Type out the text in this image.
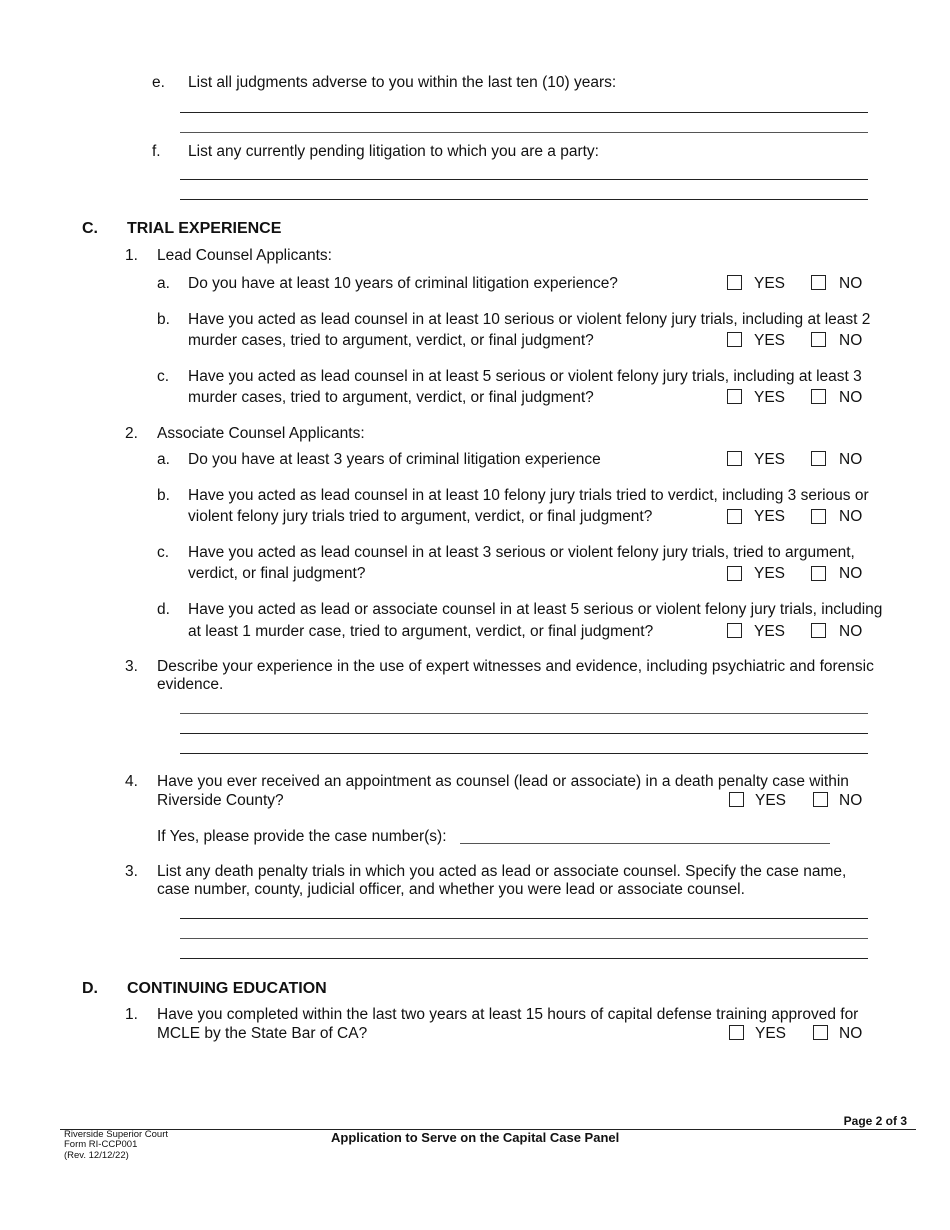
e. List all judgments adverse to you within the last ten (10) years:
f. List any currently pending litigation to which you are a party:
C. TRIAL EXPERIENCE
1. Lead Counsel Applicants:
a. Do you have at least 10 years of criminal litigation experience?	YES	NO
b. Have you acted as lead counsel in at least 10 serious or violent felony jury trials, including at least 2
murder cases, tried to argument, verdict, or final judgment?	YES	NO
c. Have you acted as lead counsel in at least 5 serious or violent felony jury trials, including at least 3
murder cases, tried to argument, verdict, or final judgment?	YES	NO
2. Associate Counsel Applicants:
a. Do you have at least 3 years of criminal litigation experience	YES	NO
b. Have you acted as lead counsel in at least 10 felony jury trials tried to verdict, including 3 serious or
violent felony jury trials tried to argument, verdict, or final judgment?	YES	NO
c. Have you acted as lead counsel in at least 3 serious or violent felony jury trials, tried to argument,
verdict, or final judgment?	YES	NO
d. Have you acted as lead or associate counsel in at least 5 serious or violent felony jury trials, including
at least 1 murder case, tried to argument, verdict, or final judgment?	YES	NO
3. Describe your experience in the use of expert witnesses and evidence, including psychiatric and forensic
evidence.
4. Have you ever received an appointment as counsel (lead or associate) in a death penalty case within
Riverside County?	YES	NO
If Yes, please provide the case number(s):
3. List any death penalty trials in which you acted as lead or associate counsel. Specify the case name,
case number, county, judicial officer, and whether you were lead or associate counsel.
D. CONTINUING EDUCATION
1. Have you completed within the last two years at least 15 hours of capital defense training approved for
MCLE by the State Bar of CA?	YES	NO
Page 2 of 3
Riverside Superior Court
Form RI-CCP001
(Rev. 12/12/22)
Application to Serve on the Capital Case Panel
